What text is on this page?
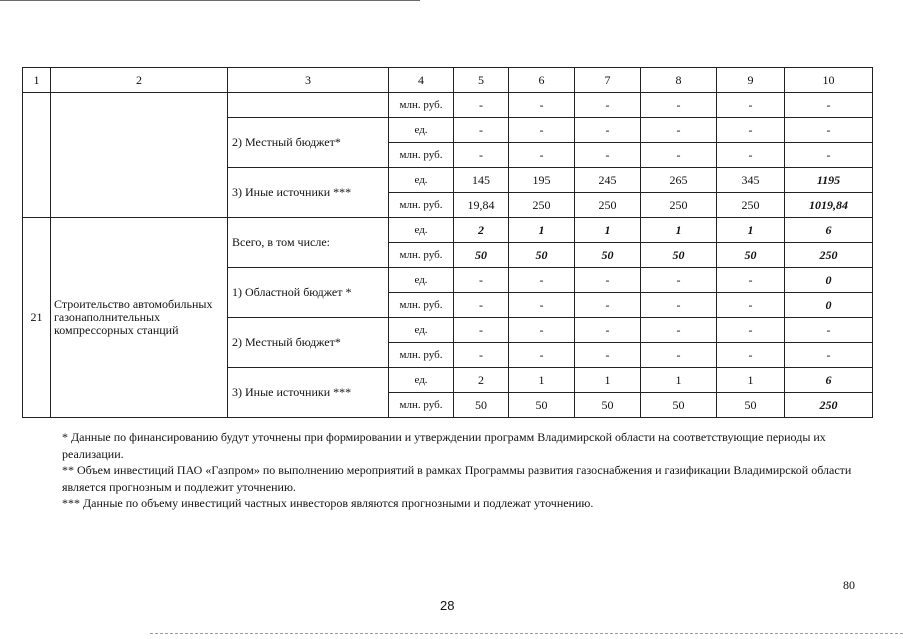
1	2	3	4	5	6	7	8	9	10
			млн. руб.	-	-	-	-	-	-
		2) Местный бюджет*	ед.	-	-	-	-	-	-
			млн. руб.	-	-	-	-	-	-
		3) Иные источники ***	ед.	145	195	245	265	345	1195
			млн. руб.	19,84	250	250	250	250	1019,84
21	Строительство автомобильных газонаполнительных компрессорных станций	Всего, в том числе:	ед.	2	1	1	1	1	6
			млн. руб.	50	50	50	50	50	250
		1) Областной бюджет *	ед.	-	-	-	-	-	0
			млн. руб.	-	-	-	-	-	0
		2) Местный бюджет*	ед.	-	-	-	-	-	-
			млн. руб.	-	-	-	-	-	-
		3) Иные источники ***	ед.	2	1	1	1	1	6
			млн. руб.	50	50	50	50	50	250

* Данные по финансированию будут уточнены при формировании и утверждении программ Владимирской области на соответствующие периоды их реализации.

** Объем инвестиций ПАО «Газпром» по выполнению мероприятий в рамках Программы развития газоснабжения и газификации Владимирской области является прогнозным и подлежит уточнению.

*** Данные по объему инвестиций частных инвесторов являются прогнозными и подлежат уточнению.

80
28
